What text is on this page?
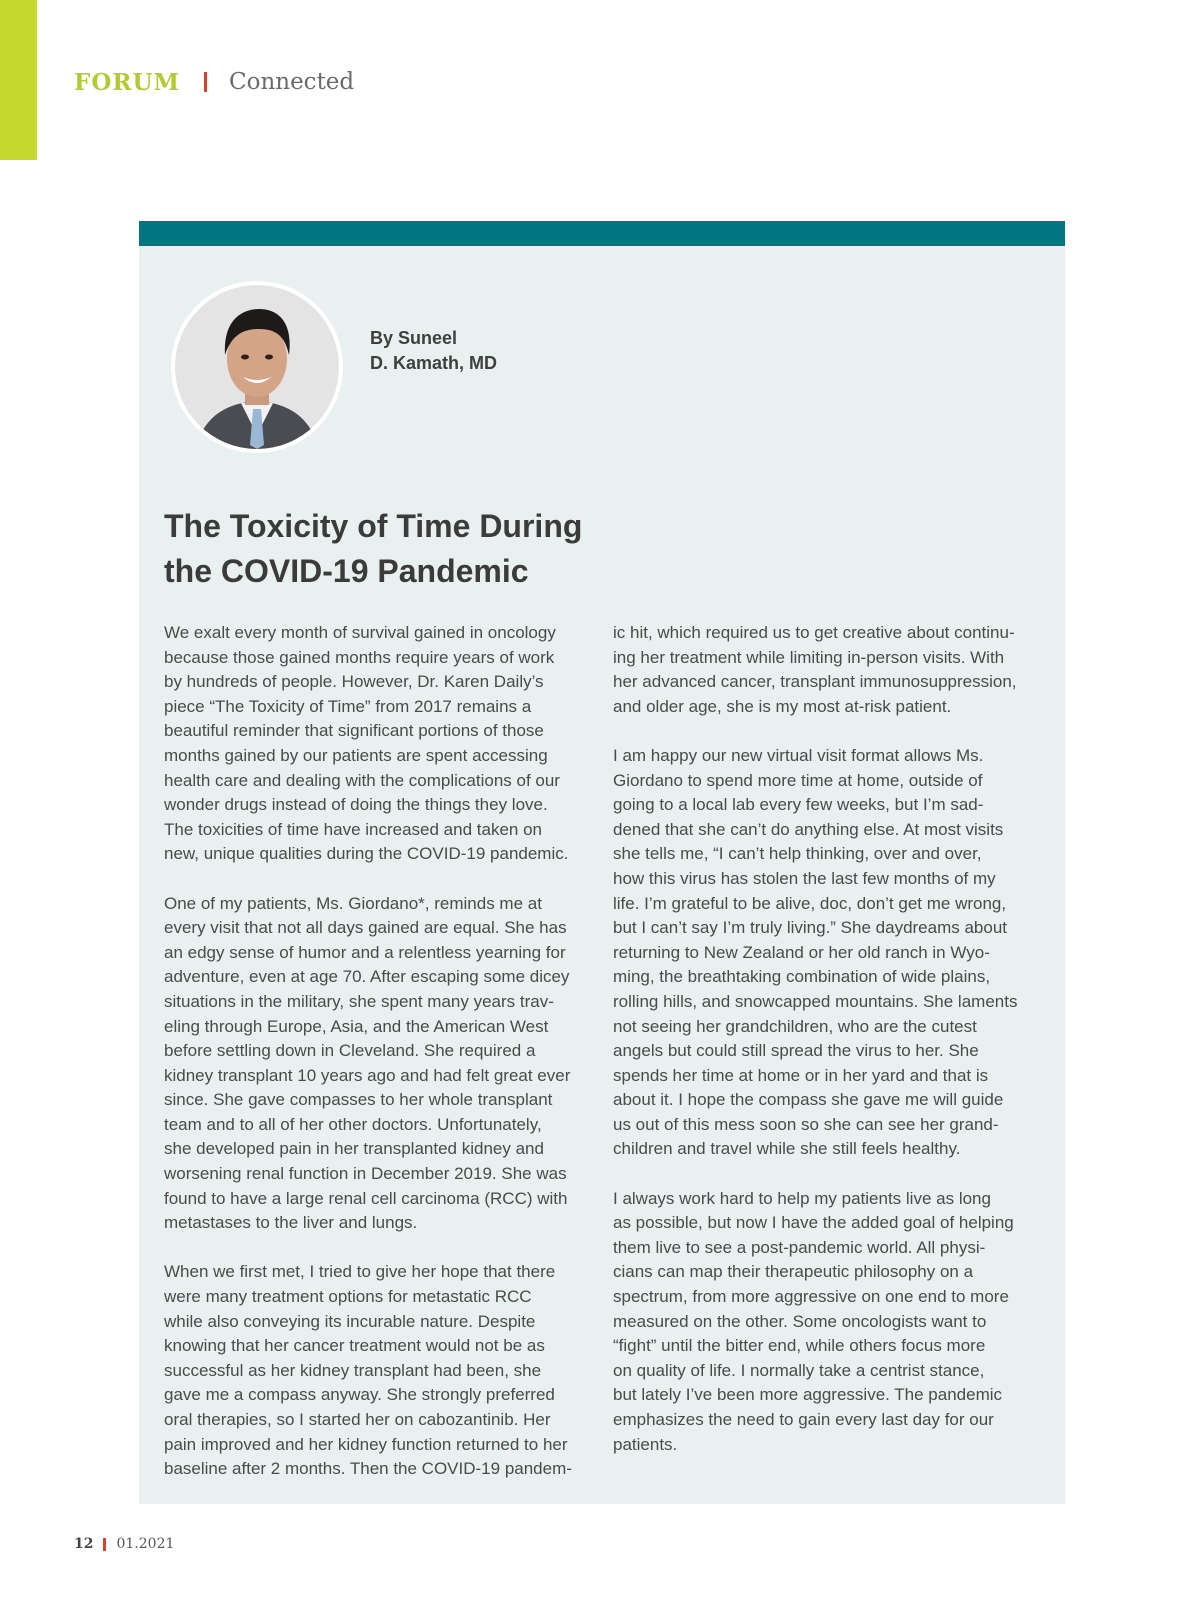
FORUM Connected
By Suneel
D. Kamath, MD
The Toxicity of Time During
the COVID-19 Pandemic

We exalt every month of survival gained in oncology
because those gained months require years of work
by hundreds of people. However, Dr. Karen Daily’s
piece “The Toxicity of Time” from 2017 remains a
beautiful reminder that significant portions of those
months gained by our patients are spent accessing
health care and dealing with the complications of our
wonder drugs instead of doing the things they love.
The toxicities of time have increased and taken on
new, unique qualities during the COVID-19 pandemic.

One of my patients, Ms. Giordano*, reminds me at
every visit that not all days gained are equal. She has
an edgy sense of humor and a relentless yearning for
adventure, even at age 70. After escaping some dicey
situations in the military, she spent many years trav-
eling through Europe, Asia, and the American West
before settling down in Cleveland. She required a
kidney transplant 10 years ago and had felt great ever
since. She gave compasses to her whole transplant
team and to all of her other doctors. Unfortunately,
she developed pain in her transplanted kidney and
worsening renal function in December 2019. She was
found to have a large renal cell carcinoma (RCC) with
metastases to the liver and lungs.

When we first met, I tried to give her hope that there
were many treatment options for metastatic RCC
while also conveying its incurable nature. Despite
knowing that her cancer treatment would not be as
successful as her kidney transplant had been, she
gave me a compass anyway. She strongly preferred
oral therapies, so I started her on cabozantinib. Her
pain improved and her kidney function returned to her
baseline after 2 months. Then the COVID-19 pandem-

ic hit, which required us to get creative about continu-
ing her treatment while limiting in-person visits. With
her advanced cancer, transplant immunosuppression,
and older age, she is my most at-risk patient.

I am happy our new virtual visit format allows Ms.
Giordano to spend more time at home, outside of
going to a local lab every few weeks, but I’m sad-
dened that she can’t do anything else. At most visits
she tells me, “I can’t help thinking, over and over,
how this virus has stolen the last few months of my
life. I’m grateful to be alive, doc, don’t get me wrong,
but I can’t say I’m truly living.” She daydreams about
returning to New Zealand or her old ranch in Wyo-
ming, the breathtaking combination of wide plains,
rolling hills, and snowcapped mountains. She laments
not seeing her grandchildren, who are the cutest
angels but could still spread the virus to her. She
spends her time at home or in her yard and that is
about it. I hope the compass she gave me will guide
us out of this mess soon so she can see her grand-
children and travel while she still feels healthy.

I always work hard to help my patients live as long
as possible, but now I have the added goal of helping
them live to see a post-pandemic world. All physi-
cians can map their therapeutic philosophy on a
spectrum, from more aggressive on one end to more
measured on the other. Some oncologists want to
“fight” until the bitter end, while others focus more
on quality of life. I normally take a centrist stance,
but lately I’ve been more aggressive. The pandemic
emphasizes the need to gain every last day for our
patients.

12 01.2021
